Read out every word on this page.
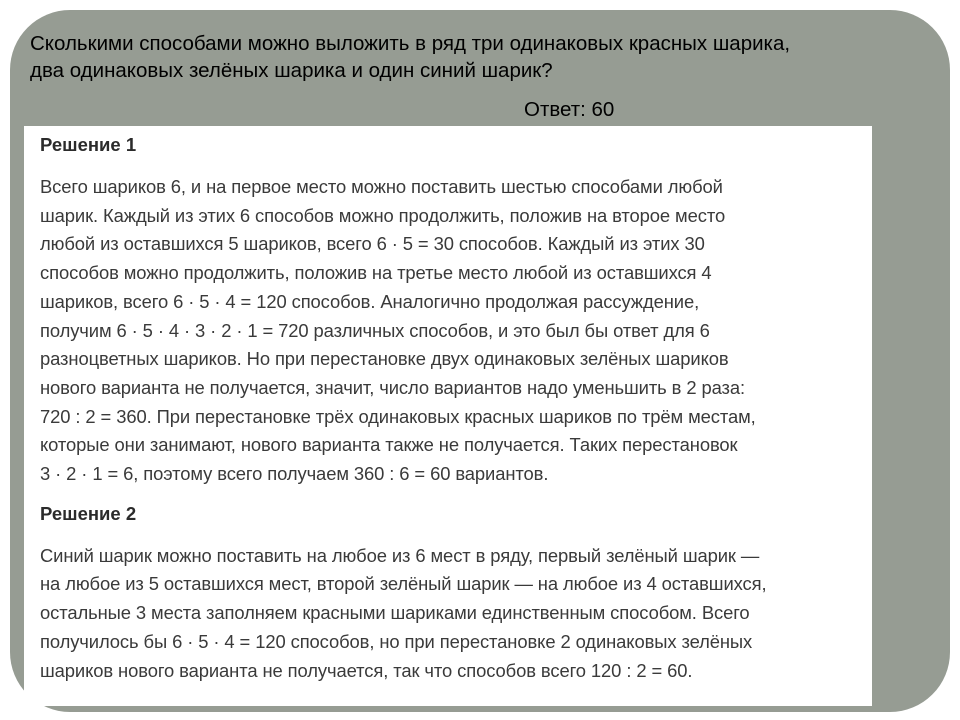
Сколькими способами можно выложить в ряд три одинаковых красных шарика,
два одинаковых зелёных шарика и один синий шарик?
Ответ: 60
Решение 1
Всего шариков 6, и на первое место можно поставить шестью способами любой
шарик. Каждый из этих 6 способов можно продолжить, положив на второе место
любой из оставшихся 5 шариков, всего 6 · 5 = 30 способов. Каждый из этих 30
способов можно продолжить, положив на третье место любой из оставшихся 4
шариков, всего 6 · 5 · 4 = 120 способов. Аналогично продолжая рассуждение,
получим 6 · 5 · 4 · 3 · 2 · 1 = 720 различных способов, и это был бы ответ для 6
разноцветных шариков. Но при перестановке двух одинаковых зелёных шариков
нового варианта не получается, значит, число вариантов надо уменьшить в 2 раза:
720 : 2 = 360. При перестановке трёх одинаковых красных шариков по трём местам,
которые они занимают, нового варианта также не получается. Таких перестановок
3 · 2 · 1 = 6, поэтому всего получаем 360 : 6 = 60 вариантов.
Решение 2
Синий шарик можно поставить на любое из 6 мест в ряду, первый зелёный шарик —
на любое из 5 оставшихся мест, второй зелёный шарик — на любое из 4 оставшихся,
остальные 3 места заполняем красными шариками единственным способом. Всего
получилось бы 6 · 5 · 4 = 120 способов, но при перестановке 2 одинаковых зелёных
шариков нового варианта не получается, так что способов всего 120 : 2 = 60.
